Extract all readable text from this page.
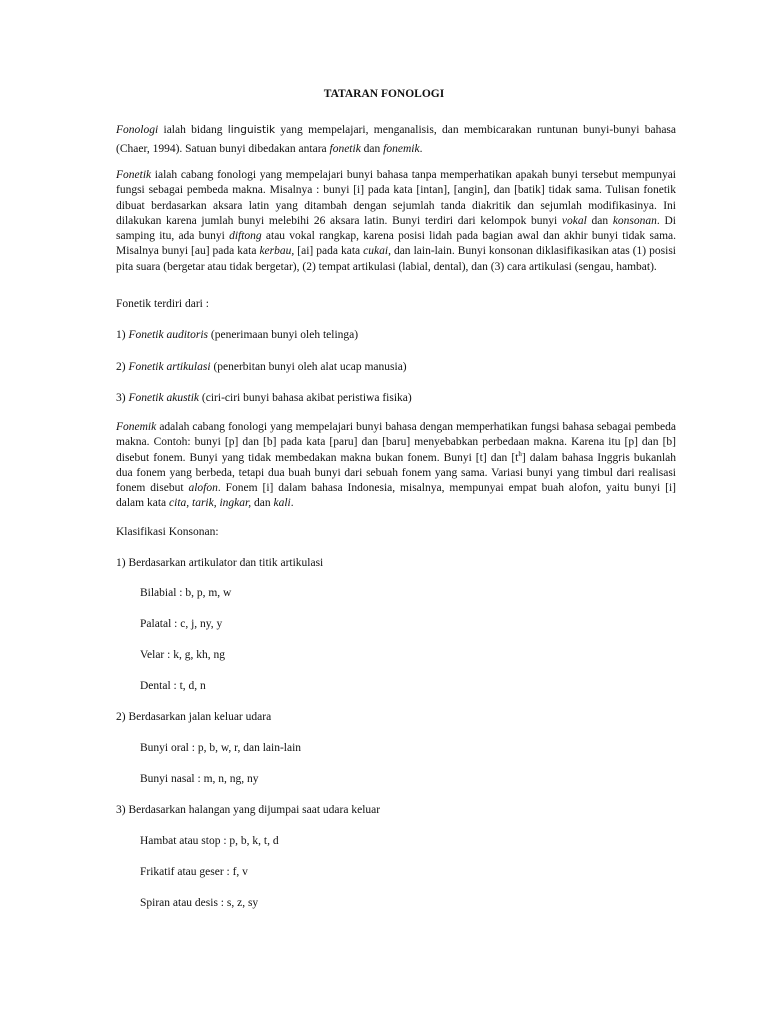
TATARAN FONOLOGI

Fonologi ialah bidang linguistik yang mempelajari, menganalisis, dan membicarakan runtunan bunyi-bunyi bahasa (Chaer, 1994). Satuan bunyi dibedakan antara fonetik dan fonemik.

Fonetik ialah cabang fonologi yang mempelajari bunyi bahasa tanpa memperhatikan apakah bunyi tersebut mempunyai fungsi sebagai pembeda makna. Misalnya : bunyi [i] pada kata [intan], [angin], dan [batik] tidak sama. Tulisan fonetik dibuat berdasarkan aksara latin yang ditambah dengan sejumlah tanda diakritik dan sejumlah modifikasinya. Ini dilakukan karena jumlah bunyi melebihi 26 aksara latin. Bunyi terdiri dari kelompok bunyi vokal dan konsonan. Di samping itu, ada bunyi diftong atau vokal rangkap, karena posisi lidah pada bagian awal dan akhir bunyi tidak sama. Misalnya bunyi [au] pada kata kerbau, [ai] pada kata cukai, dan lain-lain. Bunyi konsonan diklasifikasikan atas (1) posisi pita suara (bergetar atau tidak bergetar), (2) tempat artikulasi (labial, dental), dan (3) cara artikulasi (sengau, hambat).

Fonetik terdiri dari :

1) Fonetik auditoris (penerimaan bunyi oleh telinga)

2) Fonetik artikulasi (penerbitan bunyi oleh alat ucap manusia)

3) Fonetik akustik (ciri-ciri bunyi bahasa akibat peristiwa fisika)

Fonemik adalah cabang fonologi yang mempelajari bunyi bahasa dengan memperhatikan fungsi bahasa sebagai pembeda makna. Contoh: bunyi [p] dan [b] pada kata [paru] dan [baru] menyebabkan perbedaan makna. Karena itu [p] dan [b] disebut fonem. Bunyi yang tidak membedakan makna bukan fonem. Bunyi [t] dan $[t^h]$ dalam bahasa Inggris bukanlah dua fonem yang berbeda, tetapi dua buah bunyi dari sebuah fonem yang sama. Variasi bunyi yang timbul dari realisasi fonem disebut alofon. Fonem [i] dalam bahasa Indonesia, misalnya, mempunyai empat buah alofon, yaitu bunyi [i] dalam kata cita, tarik, ingkar, dan kali.

Klasifikasi Konsonan:

1) Berdasarkan artikulator dan titik artikulasi

Bilabial : b, p, m, w

Palatal : c, j, ny, y

Velar : k, g, kh, ng

Dental : t, d, n

2) Berdasarkan jalan keluar udara

Bunyi oral : p, b, w, r, dan lain-lain

Bunyi nasal : m, n, ng, ny

3) Berdasarkan halangan yang dijumpai saat udara keluar

Hambat atau stop : p, b, k, t, d

Frikatif atau geser : f, v

Spiran atau desis : s, z, sy
